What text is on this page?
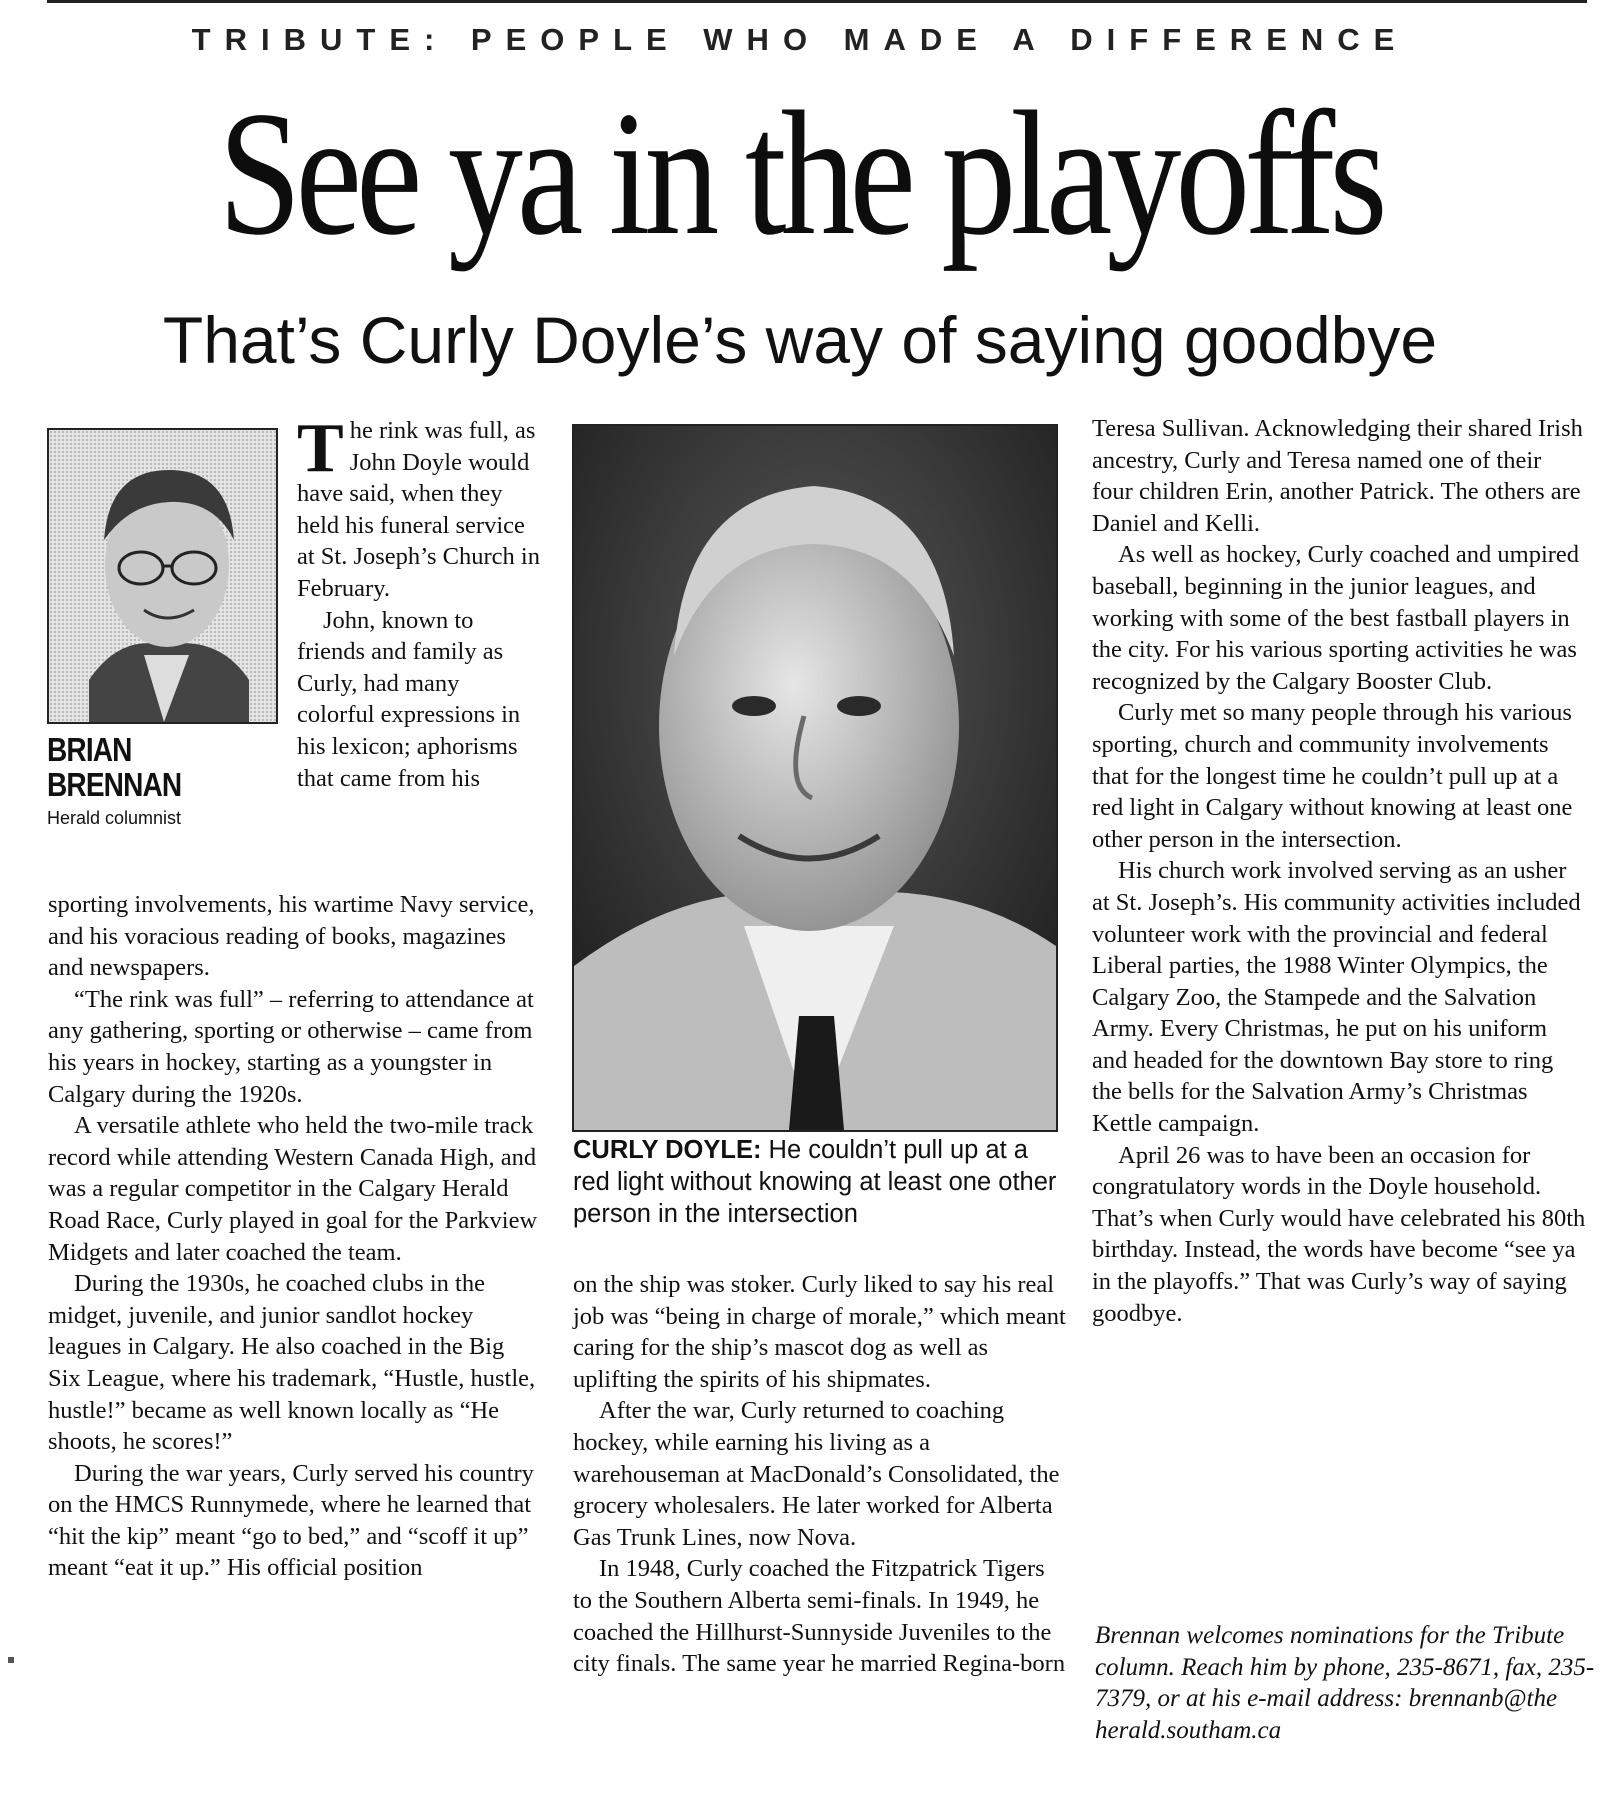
TRIBUTE: PEOPLE WHO MADE A DIFFERENCE
See ya in the playoffs
That’s Curly Doyle’s way of saying goodbye
BRIAN
BRENNAN
Herald columnist

The rink was full, as John Doyle would have said, when they held his funeral service at St. Joseph’s Church in February.

John, known to friends and family as Curly, had many colorful expressions in his lexicon; aphorisms that came from his

sporting involvements, his wartime Navy service, and his voracious reading of books, magazines and newspapers.

“The rink was full” – referring to attendance at any gathering, sporting or otherwise – came from his years in hockey, starting as a youngster in Calgary during the 1920s.

A versatile athlete who held the two-mile track record while attending Western Canada High, and was a regular competitor in the Calgary Herald Road Race, Curly played in goal for the Parkview Midgets and later coached the team.

During the 1930s, he coached clubs in the midget, juvenile, and junior sandlot hockey leagues in Calgary. He also coached in the Big Six League, where his trademark, “Hustle, hustle, hustle!” became as well known locally as “He shoots, he scores!”

During the war years, Curly served his country on the HMCS Runnymede, where he learned that “hit the kip” meant “go to bed,” and “scoff it up” meant “eat it up.” His official position

CURLY DOYLE: He couldn’t pull up at a red light without knowing at least one other person in the intersection

on the ship was stoker. Curly liked to say his real job was “being in charge of morale,” which meant caring for the ship’s mascot dog as well as uplifting the spirits of his shipmates.

After the war, Curly returned to coaching hockey, while earning his living as a warehouseman at MacDonald’s Consolidated, the grocery wholesalers. He later worked for Alberta Gas Trunk Lines, now Nova.

In 1948, Curly coached the Fitzpatrick Tigers to the Southern Alberta semi-finals. In 1949, he coached the Hillhurst-Sunnyside Juveniles to the city finals. The same year he married Regina-born

Teresa Sullivan. Acknowledging their shared Irish ancestry, Curly and Teresa named one of their four children Erin, another Patrick. The others are Daniel and Kelli.

As well as hockey, Curly coached and umpired baseball, beginning in the junior leagues, and working with some of the best fastball players in the city. For his various sporting activities he was recognized by the Calgary Booster Club.

Curly met so many people through his various sporting, church and community involvements that for the longest time he couldn’t pull up at a red light in Calgary without knowing at least one other person in the intersection.

His church work involved serving as an usher at St. Joseph’s. His community activities included volunteer work with the provincial and federal Liberal parties, the 1988 Winter Olympics, the Calgary Zoo, the Stampede and the Salvation Army. Every Christmas, he put on his uniform and headed for the downtown Bay store to ring the bells for the Salvation Army’s Christmas Kettle campaign.

April 26 was to have been an occasion for congratulatory words in the Doyle household. That’s when Curly would have celebrated his 80th birthday. Instead, the words have become “see ya in the playoffs.” That was Curly’s way of saying goodbye.

Brennan welcomes nominations for the Tribute column. Reach him by phone, 235-8671, fax, 235-7379, or at his e-mail address: brennanb@the herald.southam.ca
